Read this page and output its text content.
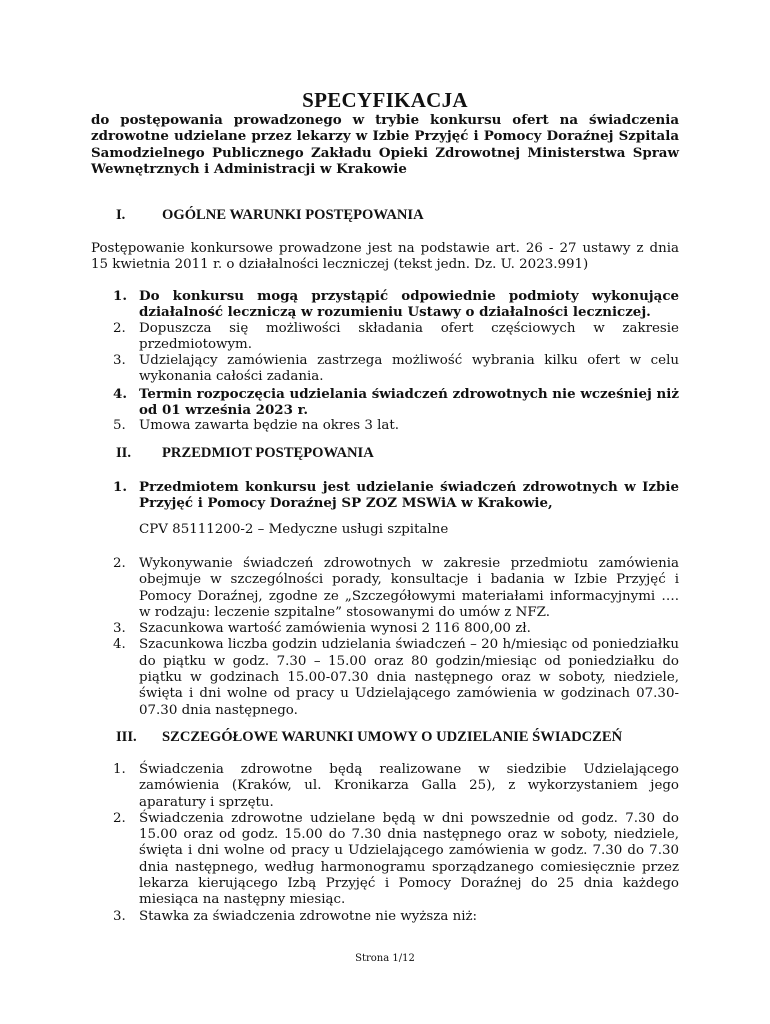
SPECYFIKACJA
do postępowania prowadzonego w trybie konkursu ofert na świadczenia zdrowotne udzielane przez lekarzy w Izbie Przyjęć i Pomocy Doraźnej Szpitala Samodzielnego Publicznego Zakładu Opieki Zdrowotnej Ministerstwa Spraw Wewnętrznych i Administracji w Krakowie
I.	OGÓLNE WARUNKI POSTĘPOWANIA
Postępowanie konkursowe prowadzone jest na podstawie art. 26 - 27 ustawy z dnia 15 kwietnia 2011 r. o działalności leczniczej (tekst jedn. Dz. U. 2023.991)
1. Do konkursu mogą przystąpić odpowiednie podmioty wykonujące działalność leczniczą w rozumieniu Ustawy o działalności leczniczej.
2. Dopuszcza się możliwości składania ofert częściowych w zakresie przedmiotowym.
3. Udzielający zamówienia zastrzega możliwość wybrania kilku ofert w celu wykonania całości zadania.
4. Termin rozpoczęcia udzielania świadczeń zdrowotnych nie wcześniej niż od 01 września 2023 r.
5. Umowa zawarta będzie na okres 3 lat.
II. PRZEDMIOT POSTĘPOWANIA
1. Przedmiotem konkursu jest udzielanie świadczeń zdrowotnych w Izbie Przyjęć i Pomocy Doraźnej SP ZOZ MSWiA w Krakowie,
CPV 85111200-2 – Medyczne usługi szpitalne
2. Wykonywanie świadczeń zdrowotnych w zakresie przedmiotu zamówienia obejmuje w szczególności porady, konsultacje i badania w Izbie Przyjęć i Pomocy Doraźnej, zgodne ze „Szczegółowymi materiałami informacyjnymi …. w rodzaju: leczenie szpitalne” stosowanymi do umów z NFZ.
3. Szacunkowa wartość zamówienia wynosi 2 116 800,00 zł.
4. Szacunkowa liczba godzin udzielania świadczeń – 20 h/miesiąc od poniedziałku do piątku w godz. 7.30 – 15.00 oraz 80 godzin/miesiąc od poniedziałku do piątku w godzinach 15.00-07.30 dnia następnego oraz w soboty, niedziele, święta i dni wolne od pracy u Udzielającego zamówienia w godzinach 07.30-07.30 dnia następnego.
III. SZCZEGÓŁOWE WARUNKI UMOWY O UDZIELANIE ŚWIADCZEŃ
1. Świadczenia zdrowotne będą realizowane w siedzibie Udzielającego zamówienia (Kraków, ul. Kronikarza Galla 25), z wykorzystaniem jego aparatury i sprzętu.
2. Świadczenia zdrowotne udzielane będą w dni powszednie od godz. 7.30 do 15.00 oraz od godz. 15.00 do 7.30 dnia następnego oraz w soboty, niedziele, święta i dni wolne od pracy u Udzielającego zamówienia w godz. 7.30 do 7.30 dnia następnego, według harmonogramu sporządzanego comiesięcznie przez lekarza kierującego Izbą Przyjęć i Pomocy Doraźnej do 25 dnia każdego miesiąca na następny miesiąc.
3. Stawka za świadczenia zdrowotne nie wyższa niż:
Strona 1/12
